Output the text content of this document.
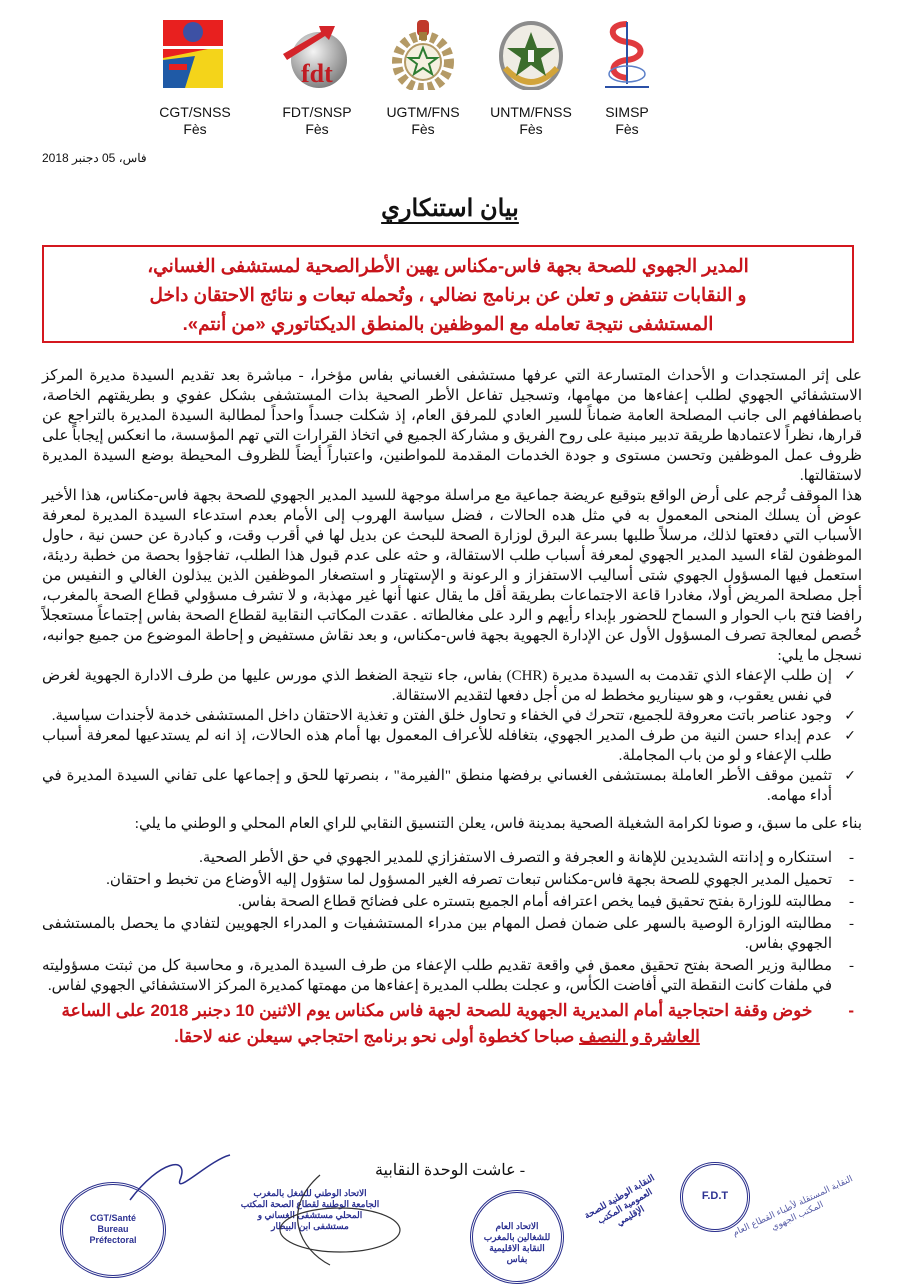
CGT/SNSS
Fès
fdt
FDT/SNSP
Fès
UGTM/FNS
Fès
UNTM/FNSS
Fès
SIMSP
Fès
فاس، 05 دجنبر 2018
بيان استنكاري

المدير الجهوي للصحة بجهة فاس-مكناس يهين الأطرالصحية لمستشفى الغساني،

و النقابات تنتفض و تعلن عن برنامج نضالي ، وتُحمله تبعات و نتائج الاحتقان داخل

المستشفى نتيجة تعامله مع الموظفين بالمنطق الديكتاتوري «من أنتم».

على إثر المستجدات و الأحداث المتسارعة التي عرفها مستشفى الغساني بفاس مؤخرا، - مباشرة بعد تقديم السيدة مديرة المركز الاستشفائي الجهوي لطلب إعفاءها من مهامها، وتسجيل تفاعل الأطر الصحية بذات المستشفى بشكل عفوي و بطريقتهم الخاصة، باصطفافهم الى جانب المصلحة العامة ضماناً للسير العادي للمرفق العام، إذ شكلت جسداً واحداً لمطالبة السيدة المديرة بالتراجع عن قرارها، نظراً لاعتمادها طريقة تدبير مبنية على روح الفريق و مشاركة الجميع في اتخاذ القرارات التي تهم المؤسسة، ما انعكس إيجاباً على ظروف عمل الموظفين وتحسن مستوى و جودة الخدمات المقدمة للمواطنين، واعتباراً أيضاً للظروف المحيطة بوضع السيدة المديرة لاستقالتها.

هذا الموقف تُرجم على أرض الواقع بتوقيع عريضة جماعية مع مراسلة موجهة للسيد المدير الجهوي للصحة بجهة فاس-مكناس، هذا الأخير عوض أن يسلك المنحى المعمول به في مثل هده الحالات ، فضل سياسة الهروب إلى الأمام بعدم استدعاء السيدة المديرة لمعرفة الأسباب التي دفعتها لذلك، مرسلاً طلبها بسرعة البرق لوزارة الصحة للبحث عن بديل لها في أقرب وقت، و كبادرة عن حسن نية ، حاول الموظفون لقاء السيد المدير الجهوي لمعرفة أسباب طلب الاستقالة، و حثه على عدم قبول هذا الطلب، تفاجؤوا بحصة من خطبة رديئة، استعمل فيها المسؤول الجهوي شتى أساليب الاستفزاز و الرعونة و الإستهتار و استصغار الموظفين الذين يبذلون الغالي و النفيس من أجل مصلحة المريض أولا، مغادرا قاعة الاجتماعات بطريقة أقل ما يقال عنها أنها غير مهذبة، و لا تشرف مسؤولي قطاع الصحة بالمغرب، رافضا فتح باب الحوار و السماح للحضور بإبداء رأيهم و الرد على مغالطاته . عقدت المكاتب النقابية لقطاع الصحة بفاس إجتماعاً مستعجلاً خُصص لمعالجة تصرف المسؤول الأول عن الإدارة الجهوية بجهة فاس-مكناس، و بعد نقاش مستفيض و إحاطة الموضوع من جميع جوانبه، نسجل ما يلي:

✓
إن طلب الإعفاء الذي تقدمت به السيدة مديرة (CHR) بفاس، جاء نتيجة الضغط الذي مورس عليها من طرف الادارة الجهوية لغرض في نفس يعقوب، و هو سيناريو مخطط له من أجل دفعها لتقديم الاستقالة.
✓
وجود عناصر باتت معروفة للجميع، تتحرك في الخفاء و تحاول خلق الفتن و تغذية الاحتقان داخل المستشفى خدمة لأجندات سياسية.
✓
عدم إبداء حسن النية من طرف المدير الجهوي، بتغافله للأعراف المعمول بها أمام هذه الحالات، إذ انه لم يستدعيها لمعرفة أسباب طلب الإعفاء و لو من باب المجاملة.
✓
تثمين موقف الأطر العاملة بمستشفى الغساني برفضها منطق "الفيرمة" ، بنصرتها للحق و إجماعها على تفاني السيدة المديرة في أداء مهامه.

بناء على ما سبق، و صونا لكرامة الشغيلة الصحية بمدينة فاس، يعلن التنسيق النقابي للراي العام المحلي و الوطني ما يلي:

-
استنكاره و إدانته الشديدين للإهانة و العجرفة و التصرف الاستفزازي للمدير الجهوي في حق الأطر الصحية.
-
تحميل المدير الجهوي للصحة بجهة فاس-مكناس تبعات تصرفه الغير المسؤول لما ستؤول إليه الأوضاع من تخبط و احتقان.
-
مطالبته للوزارة بفتح تحقيق فيما يخص اعترافه أمام الجميع بتستره على فضائح قطاع الصحة بفاس.
-
مطالبته الوزارة الوصية بالسهر على ضمان فصل المهام بين مدراء المستشفيات و المدراء الجهويين لتفادي ما يحصل بالمستشفى الجهوي بفاس.
-
مطالبة وزير الصحة بفتح تحقيق معمق في واقعة تقديم طلب الإعفاء من طرف السيدة المديرة، و محاسبة كل من ثبتت مسؤوليته في ملفات كانت النقطة التي أفاضت الكأس، و عجلت بطلب المديرة إعفاءها من مهمتها كمديرة المركز الاستشفائي الجهوي لفاس.
-
خوض وقفة احتجاجية أمام المديرية الجهوية للصحة لجهة فاس مكناس يوم الاثنين 10 دجنبر 2018 على الساعة العاشرة و النصف صباحا كخطوة أولى نحو برنامج احتجاجي سيعلن عنه لاحقا.
- عاشت الوحدة النقابية
CGT/Santé Bureau Préfectoral
الاتحاد الوطني للشغل بالمغرب الجامعة الوطنية لقطاع الصحة المكتب المحلي مستشفى الغساني و مستشفى ابن البيطار	الاتحاد العام للشغالين بالمغرب النقابة الاقليمية بفاس
النقابة الوطنية للصحة العمومية المكتب الإقليمي
F.D.T النقابة المستقلة لأطباء القطاع العام المكتب الجهوي
